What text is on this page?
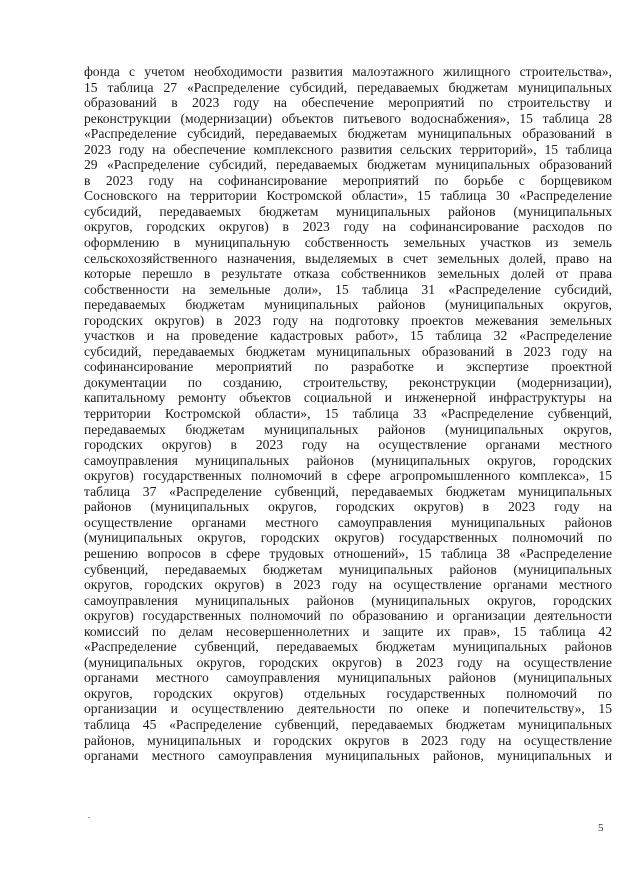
фонда с учетом необходимости развития малоэтажного жилищного строительства»,
15 таблица 27 «Распределение субсидий, передаваемых бюджетам муниципальных
образований в 2023 году на обеспечение мероприятий по строительству и
реконструкции (модернизации) объектов питьевого водоснабжения», 15 таблица 28
«Распределение субсидий, передаваемых бюджетам муниципальных образований в
2023 году на обеспечение комплексного развития сельских территорий», 15 таблица
29 «Распределение субсидий, передаваемых бюджетам муниципальных образований
в 2023 году на софинансирование мероприятий по борьбе с борщевиком
Сосновского на территории Костромской области», 15 таблица 30 «Распределение
субсидий, передаваемых бюджетам муниципальных районов (муниципальных
округов, городских округов) в 2023 году на софинансирование расходов по
оформлению в муниципальную собственность земельных участков из земель
сельскохозяйственного назначения, выделяемых в счет земельных долей, право на
которые перешло в результате отказа собственников земельных долей от права
собственности на земельные доли», 15 таблица 31 «Распределение субсидий,
передаваемых бюджетам муниципальных районов (муниципальных округов,
городских округов) в 2023 году на подготовку проектов межевания земельных
участков и на проведение кадастровых работ», 15 таблица 32 «Распределение
субсидий, передаваемых бюджетам муниципальных образований в 2023 году на
софинансирование мероприятий по разработке и экспертизе проектной
документации по созданию, строительству, реконструкции (модернизации),
капитальному ремонту объектов социальной и инженерной инфраструктуры на
территории Костромской области», 15 таблица 33 «Распределение субвенций,
передаваемых бюджетам муниципальных районов (муниципальных округов,
городских округов) в 2023 году на осуществление органами местного
самоуправления муниципальных районов (муниципальных округов, городских
округов) государственных полномочий в сфере агропромышленного комплекса», 15
таблица 37 «Распределение субвенций, передаваемых бюджетам муниципальных
районов (муниципальных округов, городских округов) в 2023 году на
осуществление органами местного самоуправления муниципальных районов
(муниципальных округов, городских округов) государственных полномочий по
решению вопросов в сфере трудовых отношений», 15 таблица 38 «Распределение
субвенций, передаваемых бюджетам муниципальных районов (муниципальных
округов, городских округов) в 2023 году на осуществление органами местного
самоуправления муниципальных районов (муниципальных округов, городских
округов) государственных полномочий по образованию и организации деятельности
комиссий по делам несовершеннолетних и защите их прав», 15 таблица 42
«Распределение субвенций, передаваемых бюджетам муниципальных районов
(муниципальных округов, городских округов) в 2023 году на осуществление
органами местного самоуправления муниципальных районов (муниципальных
округов, городских округов) отдельных государственных полномочий по
организации и осуществлению деятельности по опеке и попечительству», 15
таблица 45 «Распределение субвенций, передаваемых бюджетам муниципальных
районов, муниципальных и городских округов в 2023 году на осуществление
органами местного самоуправления муниципальных районов, муниципальных и
5
